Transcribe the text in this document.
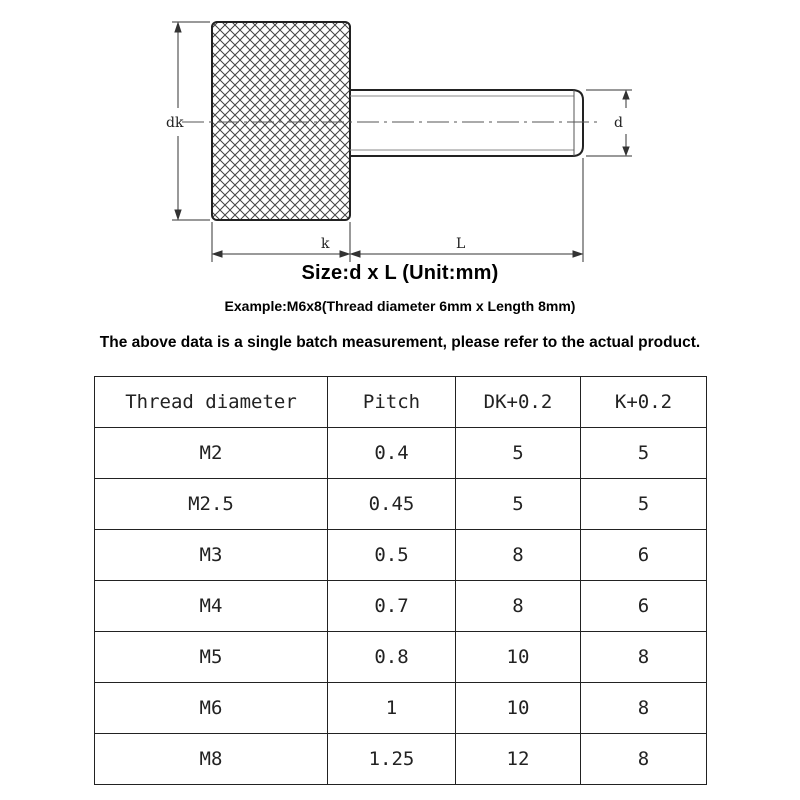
dk	d
k	L
Size:d x L (Unit:mm)
Example:M6x8(Thread diameter 6mm x Length 8mm)
The above data is a single batch measurement, please refer to the actual product.
Thread diameter	Pitch	DK+0.2	K+0.2
M2	0.4	5	5
M2.5	0.45	5	5
M3	0.5	8	6
M4	0.7	8	6
M5	0.8	10	8
M6	1	10	8
M8	1.25	12	8
